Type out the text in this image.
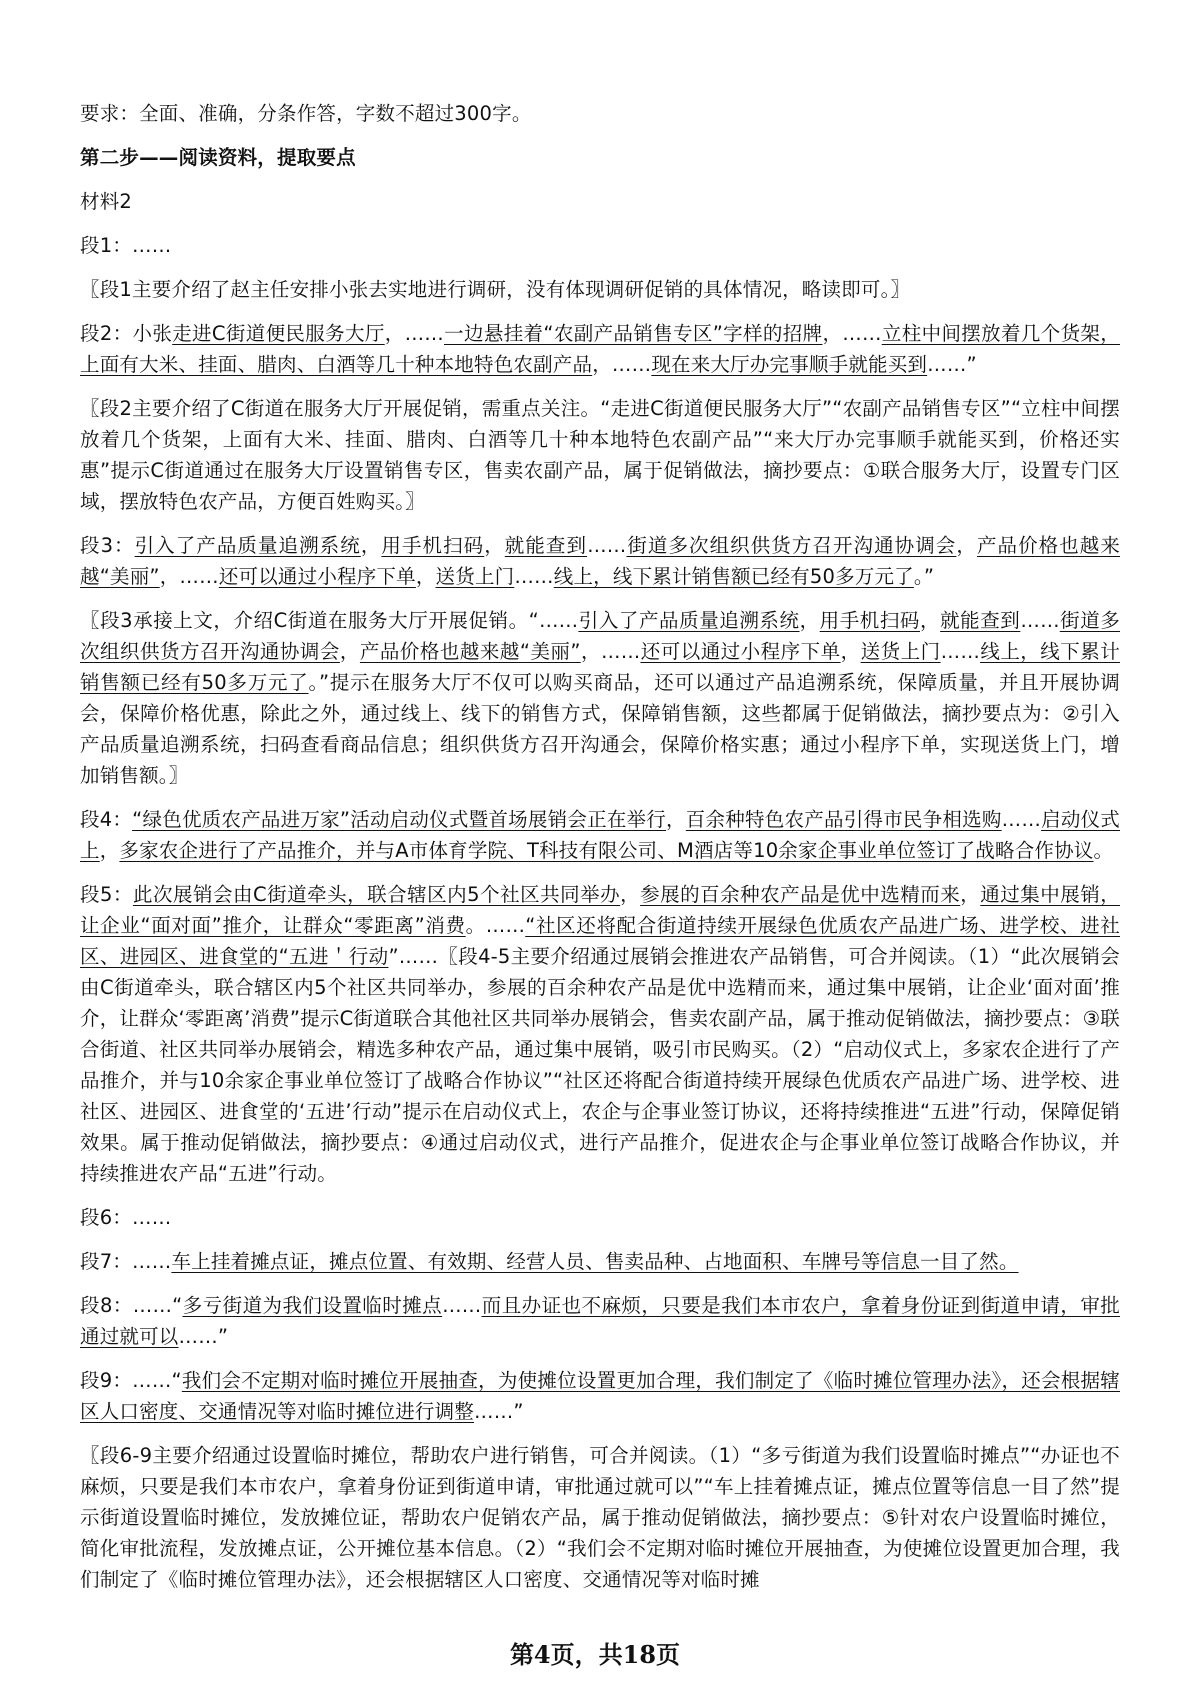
要求：全面、准确，分条作答，字数不超过300字。

第二步——阅读资料，提取要点

材料2

段1：……

〖段1主要介绍了赵主任安排小张去实地进行调研，没有体现调研促销的具体情况，略读即可。〗

段2：小张走进C街道便民服务大厅，……一边悬挂着“农副产品销售专区”字样的招牌，……立柱中间摆放着几个货架，上面有大米、挂面、腊肉、白酒等几十种本地特色农副产品，……现在来大厅办完事顺手就能买到……”

〖段2主要介绍了C街道在服务大厅开展促销，需重点关注。“走进C街道便民服务大厅”“农副产品销售专区”“立柱中间摆放着几个货架，上面有大米、挂面、腊肉、白酒等几十种本地特色农副产品”“来大厅办完事顺手就能买到，价格还实惠”提示C街道通过在服务大厅设置销售专区，售卖农副产品，属于促销做法，摘抄要点：①联合服务大厅，设置专门区域，摆放特色农产品，方便百姓购买。〗

段3：引入了产品质量追溯系统，用手机扫码，就能查到……街道多次组织供货方召开沟通协调会，产品价格也越来越“美丽”，……还可以通过小程序下单，送货上门……线上，线下累计销售额已经有50多万元了。”

〖段3承接上文，介绍C街道在服务大厅开展促销。“……引入了产品质量追溯系统，用手机扫码，就能查到……街道多次组织供货方召开沟通协调会，产品价格也越来越“美丽”，……还可以通过小程序下单，送货上门……线上，线下累计销售额已经有50多万元了。”提示在服务大厅不仅可以购买商品，还可以通过产品追溯系统，保障质量，并且开展协调会，保障价格优惠，除此之外，通过线上、线下的销售方式，保障销售额，这些都属于促销做法，摘抄要点为：②引入产品质量追溯系统，扫码查看商品信息；组织供货方召开沟通会，保障价格实惠；通过小程序下单，实现送货上门，增加销售额。〗

段4：“绿色优质农产品进万家”活动启动仪式暨首场展销会正在举行，百余种特色农产品引得市民争相选购……启动仪式上，多家农企进行了产品推介，并与A市体育学院、T科技有限公司、M酒店等10余家企事业单位签订了战略合作协议。

段5：此次展销会由C街道牵头，联合辖区内5个社区共同举办，参展的百余种农产品是优中选精而来，通过集中展销，让企业“面对面”推介，让群众“零距离”消费。……“社区还将配合街道持续开展绿色优质农产品进广场、进学校、进社区、进园区、进食堂的“五进＇行动”……〖段4-5主要介绍通过展销会推进农产品销售，可合并阅读。（1）“此次展销会由C街道牵头，联合辖区内5个社区共同举办，参展的百余种农产品是优中选精而来，通过集中展销，让企业‘面对面’推介，让群众‘零距离’消费”提示C街道联合其他社区共同举办展销会，售卖农副产品，属于推动促销做法，摘抄要点：③联合街道、社区共同举办展销会，精选多种农产品，通过集中展销，吸引市民购买。（2）“启动仪式上，多家农企进行了产品推介，并与10余家企事业单位签订了战略合作协议”“社区还将配合街道持续开展绿色优质农产品进广场、进学校、进社区、进园区、进食堂的‘五进’行动”提示在启动仪式上，农企与企事业签订协议，还将持续推进“五进”行动，保障促销效果。属于推动促销做法，摘抄要点：④通过启动仪式，进行产品推介，促进农企与企事业单位签订战略合作协议，并持续推进农产品“五进”行动。

段6：……

段7：……车上挂着摊点证，摊点位置、有效期、经营人员、售卖品种、占地面积、车牌号等信息一目了然。

段8：……“多亏街道为我们设置临时摊点……而且办证也不麻烦，只要是我们本市农户，拿着身份证到街道申请，审批通过就可以……”

段9：……“我们会不定期对临时摊位开展抽查，为使摊位设置更加合理，我们制定了《临时摊位管理办法》，还会根据辖区人口密度、交通情况等对临时摊位进行调整……”

〖段6-9主要介绍通过设置临时摊位，帮助农户进行销售，可合并阅读。（1）“多亏街道为我们设置临时摊点”“办证也不麻烦，只要是我们本市农户，拿着身份证到街道申请，审批通过就可以”“车上挂着摊点证，摊点位置等信息一目了然”提示街道设置临时摊位，发放摊位证，帮助农户促销农产品，属于推动促销做法，摘抄要点：⑤针对农户设置临时摊位，简化审批流程，发放摊点证，公开摊位基本信息。（2）“我们会不定期对临时摊位开展抽查，为使摊位设置更加合理，我们制定了《临时摊位管理办法》，还会根据辖区人口密度、交通情况等对临时摊

第4页，共18页
